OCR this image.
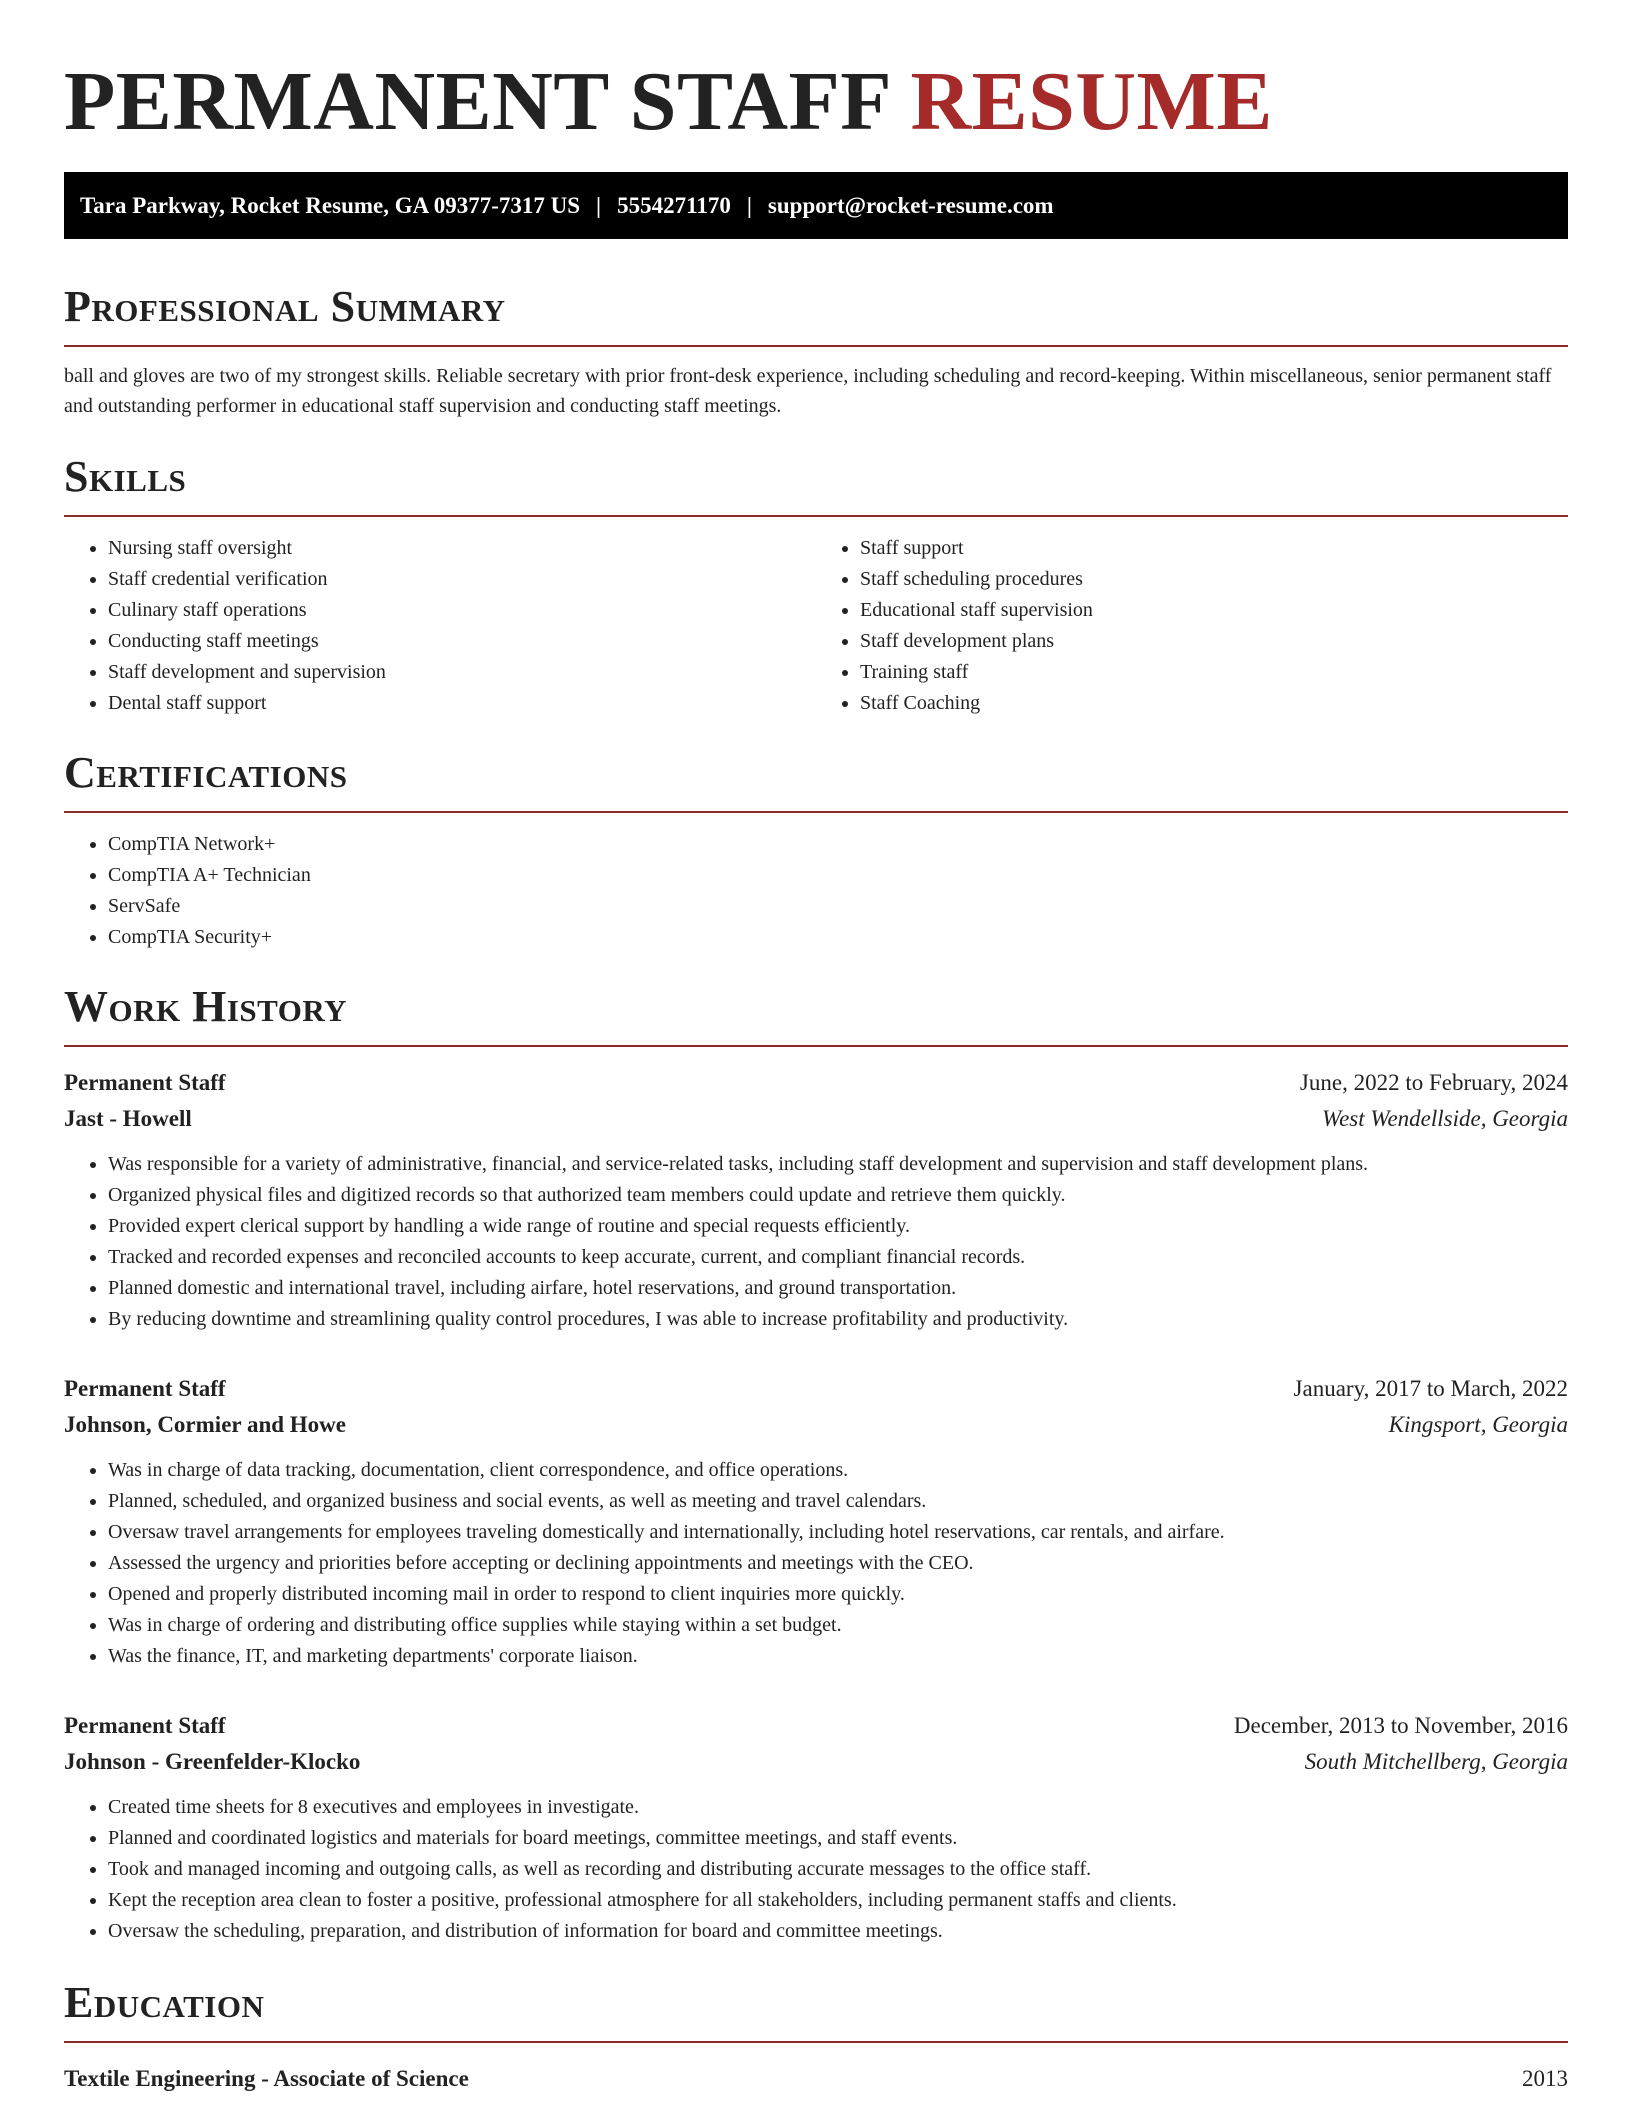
PERMANENT STAFF RESUME
Tara Parkway, Rocket Resume, GA 09377-7317 US | 5554271170 | support@rocket-resume.com
Professional Summary

ball and gloves are two of my strongest skills. Reliable secretary with prior front-desk experience, including scheduling and record-keeping. Within miscellaneous, senior permanent staff and outstanding performer in educational staff supervision and conducting staff meetings.

Skills
• Nursing staff oversight
• Staff credential verification
• Culinary staff operations
• Conducting staff meetings
• Staff development and supervision
• Dental staff support
• Staff support
• Staff scheduling procedures
• Educational staff supervision
• Staff development plans
• Training staff
• Staff Coaching
Certifications
• CompTIA Network+
• CompTIA A+ Technician
• ServSafe
• CompTIA Security+
Work History
Permanent Staff	June, 2022 to February, 2024
Jast - Howell	West Wendellside, Georgia
• Was responsible for a variety of administrative, financial, and service-related tasks, including staff development and supervision and staff development plans.
• Organized physical files and digitized records so that authorized team members could update and retrieve them quickly.
• Provided expert clerical support by handling a wide range of routine and special requests efficiently.
• Tracked and recorded expenses and reconciled accounts to keep accurate, current, and compliant financial records.
• Planned domestic and international travel, including airfare, hotel reservations, and ground transportation.
• By reducing downtime and streamlining quality control procedures, I was able to increase profitability and productivity.
Permanent Staff	January, 2017 to March, 2022
Johnson, Cormier and Howe	Kingsport, Georgia
• Was in charge of data tracking, documentation, client correspondence, and office operations.
• Planned, scheduled, and organized business and social events, as well as meeting and travel calendars.
• Oversaw travel arrangements for employees traveling domestically and internationally, including hotel reservations, car rentals, and airfare.
• Assessed the urgency and priorities before accepting or declining appointments and meetings with the CEO.
• Opened and properly distributed incoming mail in order to respond to client inquiries more quickly.
• Was in charge of ordering and distributing office supplies while staying within a set budget.
• Was the finance, IT, and marketing departments' corporate liaison.
Permanent Staff	December, 2013 to November, 2016
Johnson - Greenfelder-Klocko	South Mitchellberg, Georgia
• Created time sheets for 8 executives and employees in investigate.
• Planned and coordinated logistics and materials for board meetings, committee meetings, and staff events.
• Took and managed incoming and outgoing calls, as well as recording and distributing accurate messages to the office staff.
• Kept the reception area clean to foster a positive, professional atmosphere for all stakeholders, including permanent staffs and clients.
• Oversaw the scheduling, preparation, and distribution of information for board and committee meetings.
Education
Textile Engineering - Associate of Science	2013
